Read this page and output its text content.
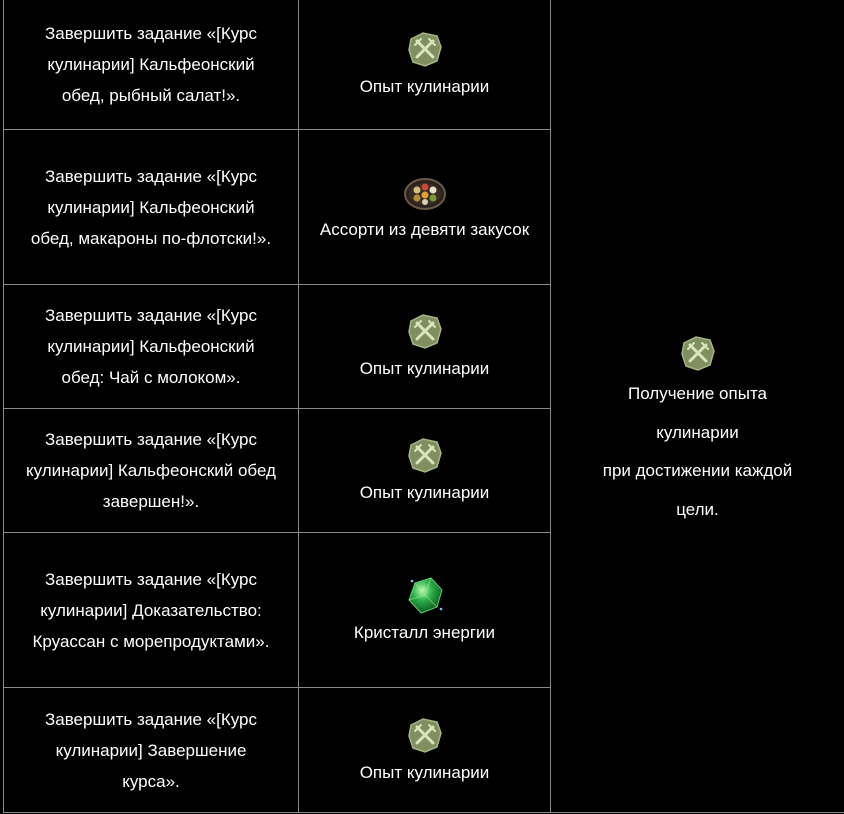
Завершить задание «[Курс кулинарии] Кальфеонский обед, рыбный салат!».	Опыт кулинарии	Получение опыта
кулинарии
при достижении каждой
цели.

Завершить задание «[Курс кулинарии] Кальфеонский обед, макароны по-флотски!».	Ассорти из девяти закусок	

Завершить задание «[Курс кулинарии] Кальфеонский обед: Чай с молоком».	Опыт кулинарии	

Завершить задание «[Курс кулинарии] Кальфеонский обед завершен!».	Опыт кулинарии	

Завершить задание «[Курс кулинарии] Доказательство: Круассан с морепродуктами».	Кристалл энергии	

Завершить задание «[Курс кулинарии] Завершение курса».	Опыт кулинарии	
